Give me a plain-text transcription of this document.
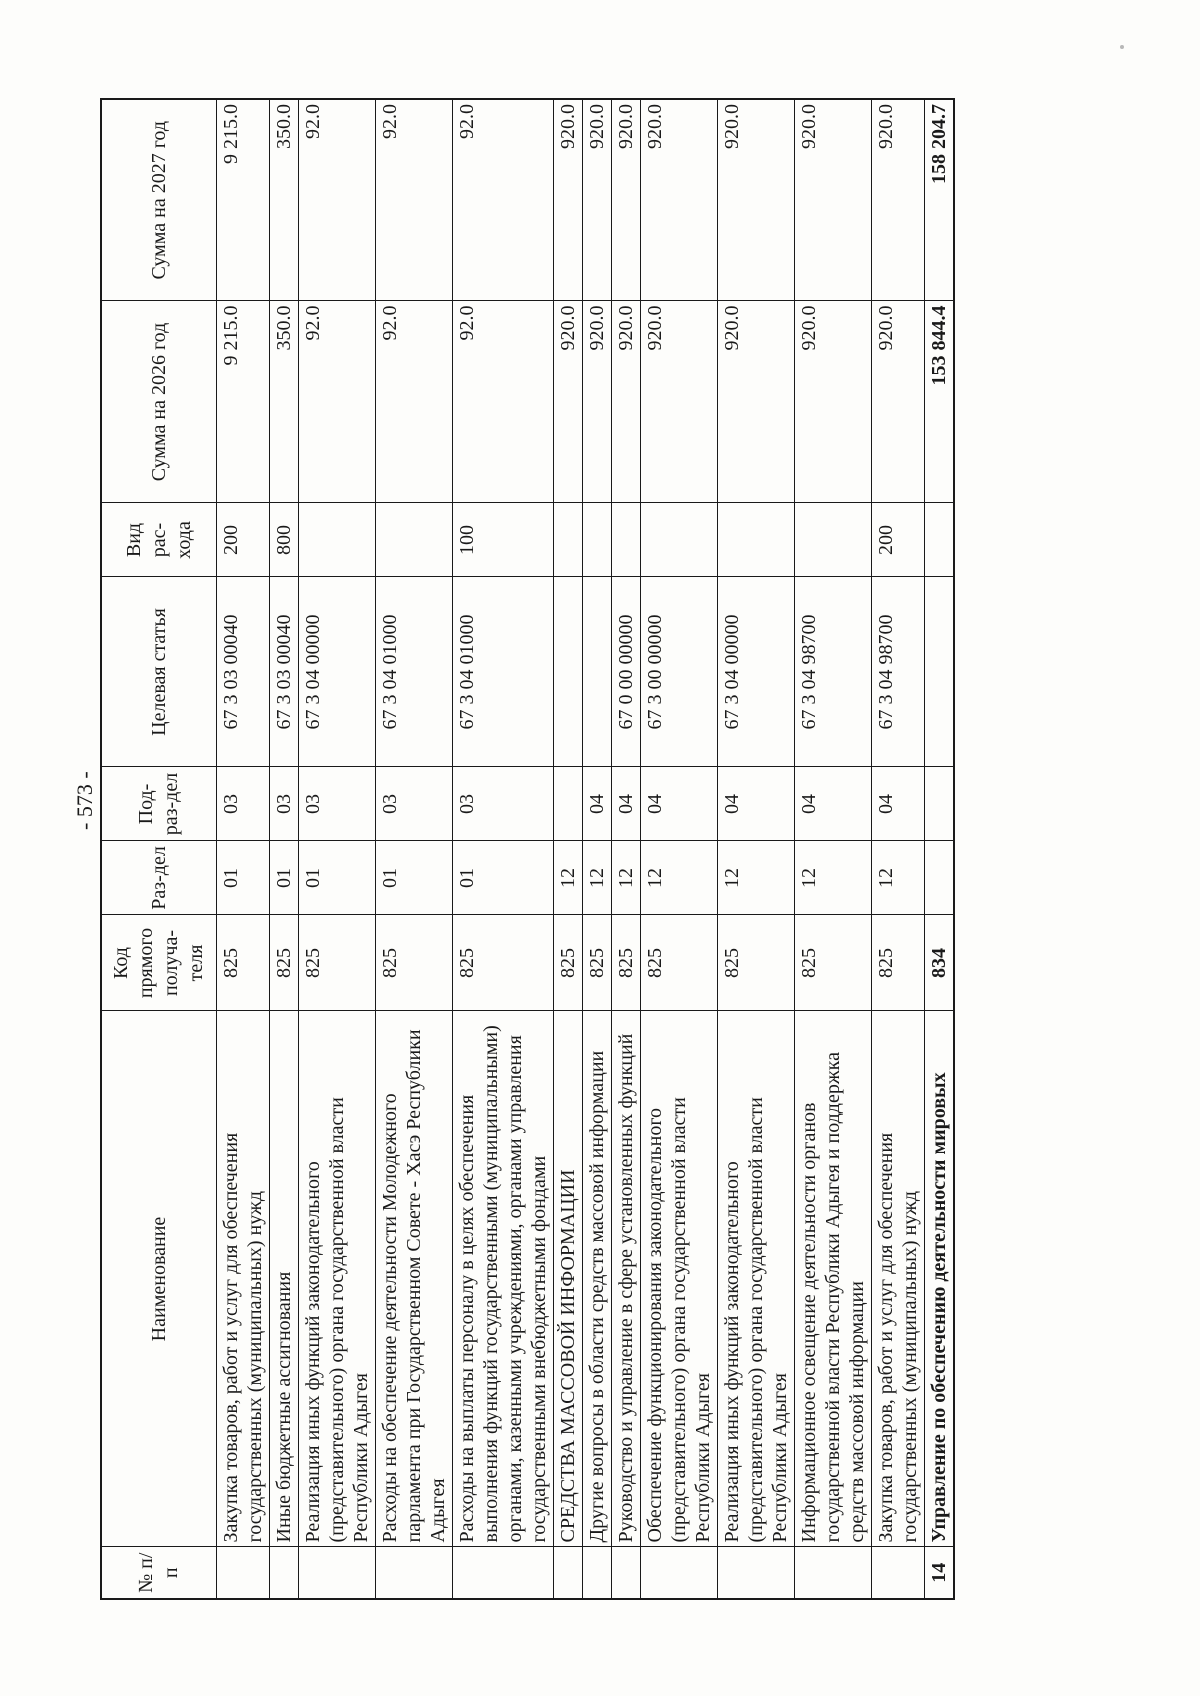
- 573 -
№ п/п	Наименование	Код прямого получа-теля	Раз-дел	Под-раз-дел	Целевая статья	Вид рас-хода	Сумма на 2026 год	Сумма на 2027 год
	Закупка товаров, работ и услуг для обеспечения государственных (муниципальных) нужд	825	01	03	67 3 03 00040	200	9 215.0	9 215.0
	Иные бюджетные ассигнования	825	01	03	67 3 03 00040	800	350.0	350.0
	Реализация иных функций законодательного (представительного) органа государственной власти Республики Адыгея	825	01	03	67 3 04 00000		92.0	92.0
	Расходы на обеспечение деятельности Молодежного парламента при Государственном Совете - Хасэ Республики Адыгея	825	01	03	67 3 04 01000		92.0	92.0
	Расходы на выплаты персоналу в целях обеспечения выполнения функций государственными (муниципальными) органами, казенными учреждениями, органами управления государственными внебюджетными фондами	825	01	03	67 3 04 01000	100	92.0	92.0
	СРЕДСТВА МАССОВОЙ ИНФОРМАЦИИ	825	12				920.0	920.0
	Другие вопросы в области средств массовой информации	825	12	04			920.0	920.0
	Руководство и управление в сфере установленных функций	825	12	04	67 0 00 00000		920.0	920.0
	Обеспечение функционирования законодательного (представительного) органа государственной власти Республики Адыгея	825	12	04	67 3 00 00000		920.0	920.0
	Реализация иных функций законодательного (представительного) органа государственной власти Республики Адыгея	825	12	04	67 3 04 00000		920.0	920.0
	Информационное освещение деятельности органов государственной власти Республики Адыгея и поддержка средств массовой информации	825	12	04	67 3 04 98700		920.0	920.0
	Закупка товаров, работ и услуг для обеспечения государственных (муниципальных) нужд	825	12	04	67 3 04 98700	200	920.0	920.0
14	Управление по обеспечению деятельности мировых	834					153 844.4	158 204.7
